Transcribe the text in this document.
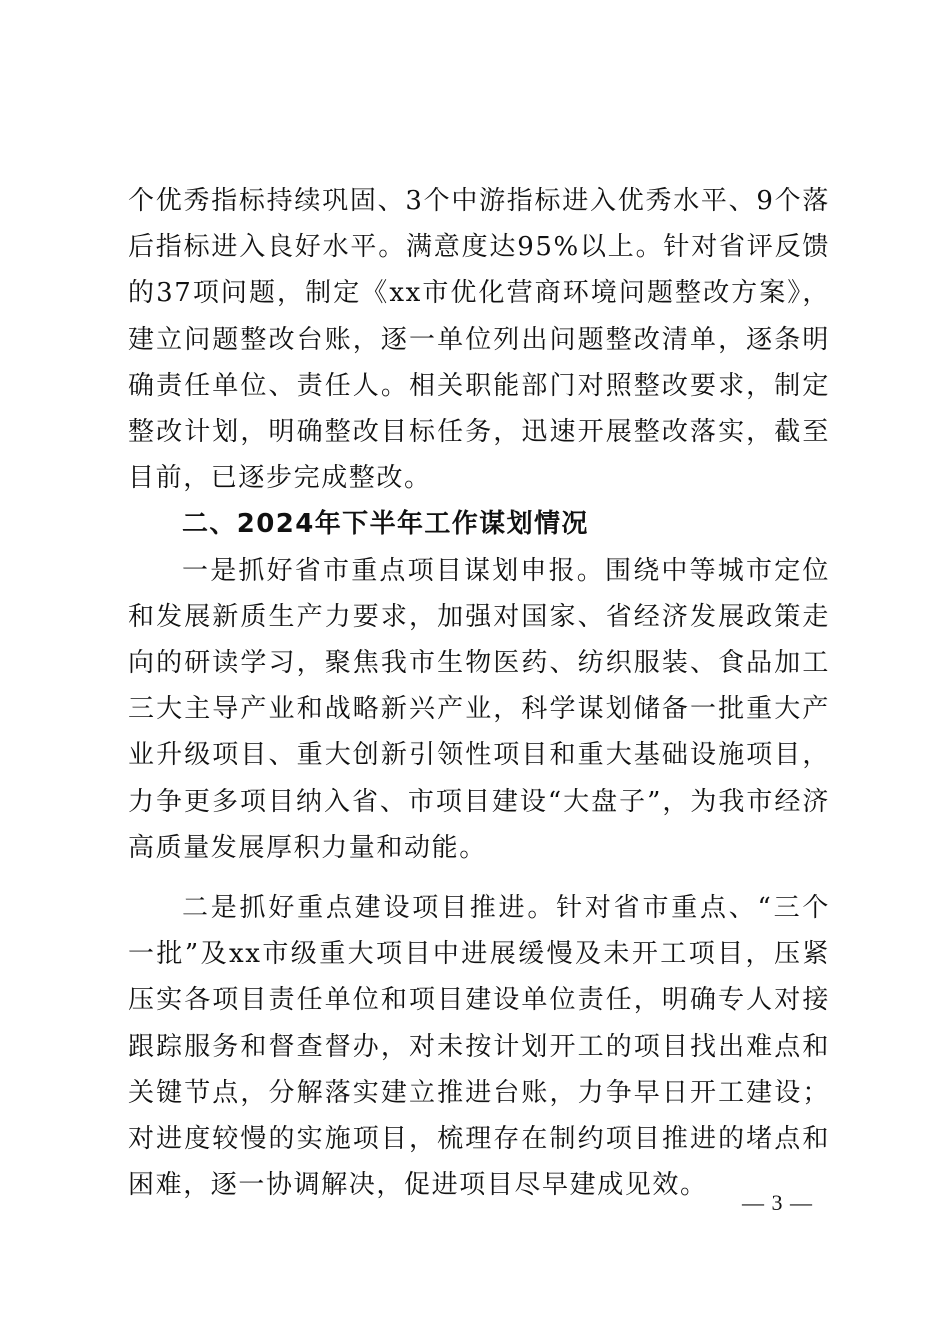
个优秀指标持续巩固、3个中游指标进入优秀水平、9个落后指标进入良好水平。满意度达95%以上。针对省评反馈的37项问题，制定《xx市优化营商环境问题整改方案》，建立问题整改台账，逐一单位列出问题整改清单，逐条明确责任单位、责任人。相关职能部门对照整改要求，制定整改计划，明确整改目标任务，迅速开展整改落实，截至目前，已逐步完成整改。

二、2024年下半年工作谋划情况

一是抓好省市重点项目谋划申报。围绕中等城市定位和发展新质生产力要求，加强对国家、省经济发展政策走向的研读学习，聚焦我市生物医药、纺织服装、食品加工三大主导产业和战略新兴产业，科学谋划储备一批重大产业升级项目、重大创新引领性项目和重大基础设施项目，力争更多项目纳入省、市项目建设“大盘子”，为我市经济高质量发展厚积力量和动能。

二是抓好重点建设项目推进。针对省市重点、“三个一批”及xx市级重大项目中进展缓慢及未开工项目，压紧压实各项目责任单位和项目建设单位责任，明确专人对接跟踪服务和督查督办，对未按计划开工的项目找出难点和关键节点，分解落实建立推进台账，力争早日开工建设；对进度较慢的实施项目，梳理存在制约项目推进的堵点和困难，逐一协调解决，促进项目尽早建成见效。

— 3 —
